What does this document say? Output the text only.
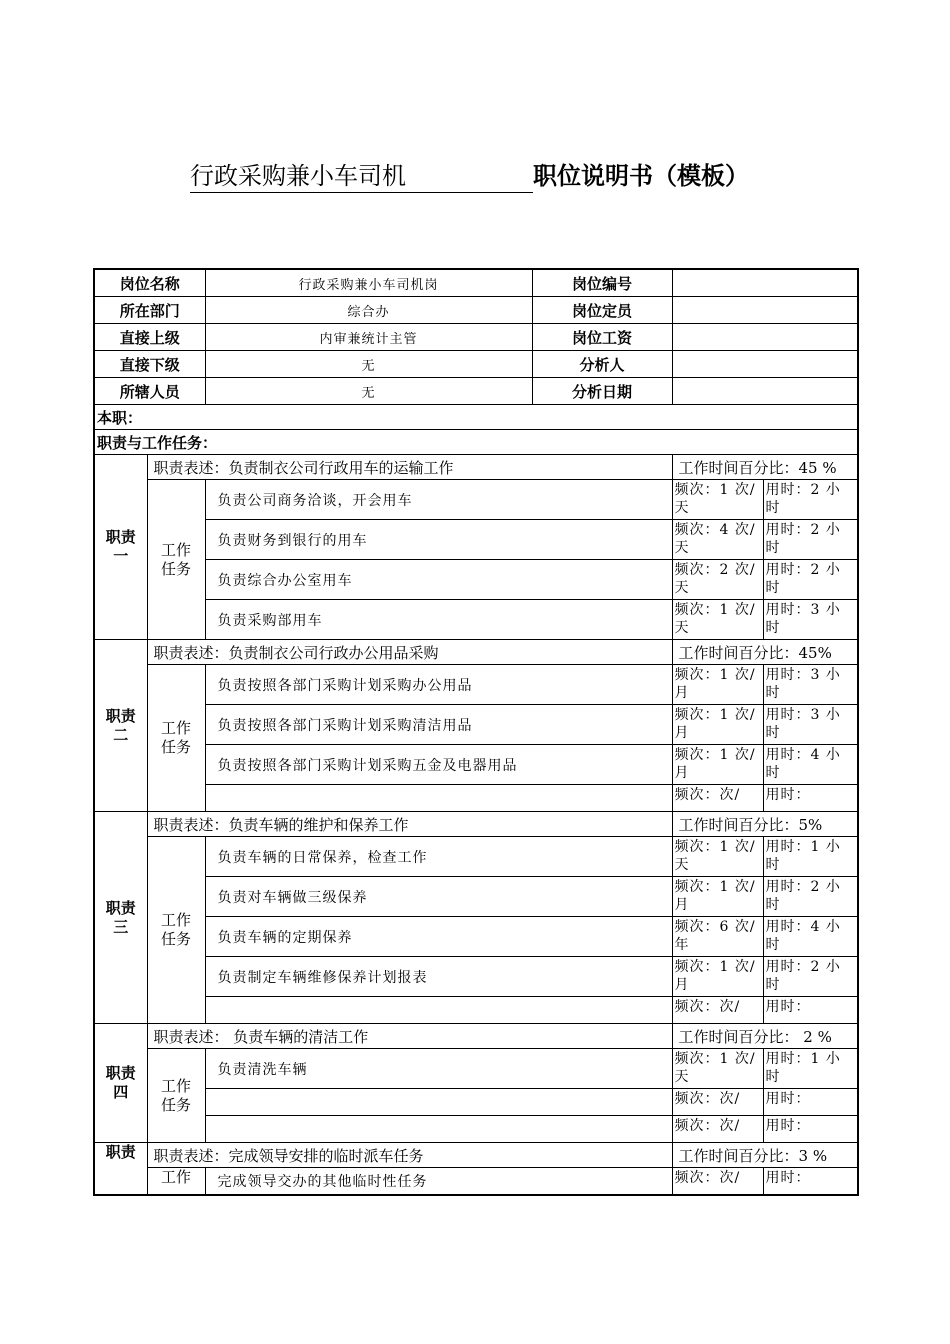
行政采购兼小车司机	职位说明书（模板）
岗位名称		行政采购兼小车司机岗	岗位编号		
所在部门		综合办	岗位定员		
直接上级		内审兼统计主管	岗位工资		
直接下级		无	分析人		
所辖人员		无	分析日期		
本职：					
职责与工作任务：					
职责一	职责表述：负责制衣公司行政用车的运输工作			工作时间百分比：45 %	
	工作任务	负责公司商务洽谈，开会用车		频次：1 次/天	用时：2 小时
		负责财务到银行的用车		频次：4 次/天	用时：2 小时
		负责综合办公室用车		频次：2 次/天	用时：2 小时
		负责采购部用车		频次：1 次/天	用时：3 小时
职责二	职责表述：负责制衣公司行政办公用品采购			工作时间百分比：45%	
	工作任务	负责按照各部门采购计划采购办公用品		频次：1 次/月	用时：3 小时
		负责按照各部门采购计划采购清洁用品		频次：1 次/月	用时：3 小时
		负责按照各部门采购计划采购五金及电器用品		频次：1 次/月	用时：4 小时
				频次：次/	用时：
职责三	职责表述：负责车辆的维护和保养工作			工作时间百分比：5%	
	工作任务	负责车辆的日常保养，检查工作		频次：1 次/天	用时：1 小时
		负责对车辆做三级保养		频次：1 次/月	用时：2 小时
		负责车辆的定期保养		频次：6 次/年	用时：4 小时
		负责制定车辆维修保养计划报表		频次：1 次/月	用时：2 小时
				频次：次/	用时：
职责四	职责表述： 负责车辆的清洁工作			工作时间百分比： 2 %	
	工作任务	负责清洗车辆		频次：1 次/天	用时：1 小时
				频次：次/	用时：
				频次：次/	用时：
职责	职责表述：完成领导安排的临时派车任务			工作时间百分比：3 %	
	工作	完成领导交办的其他临时性任务		频次：次/	用时：
